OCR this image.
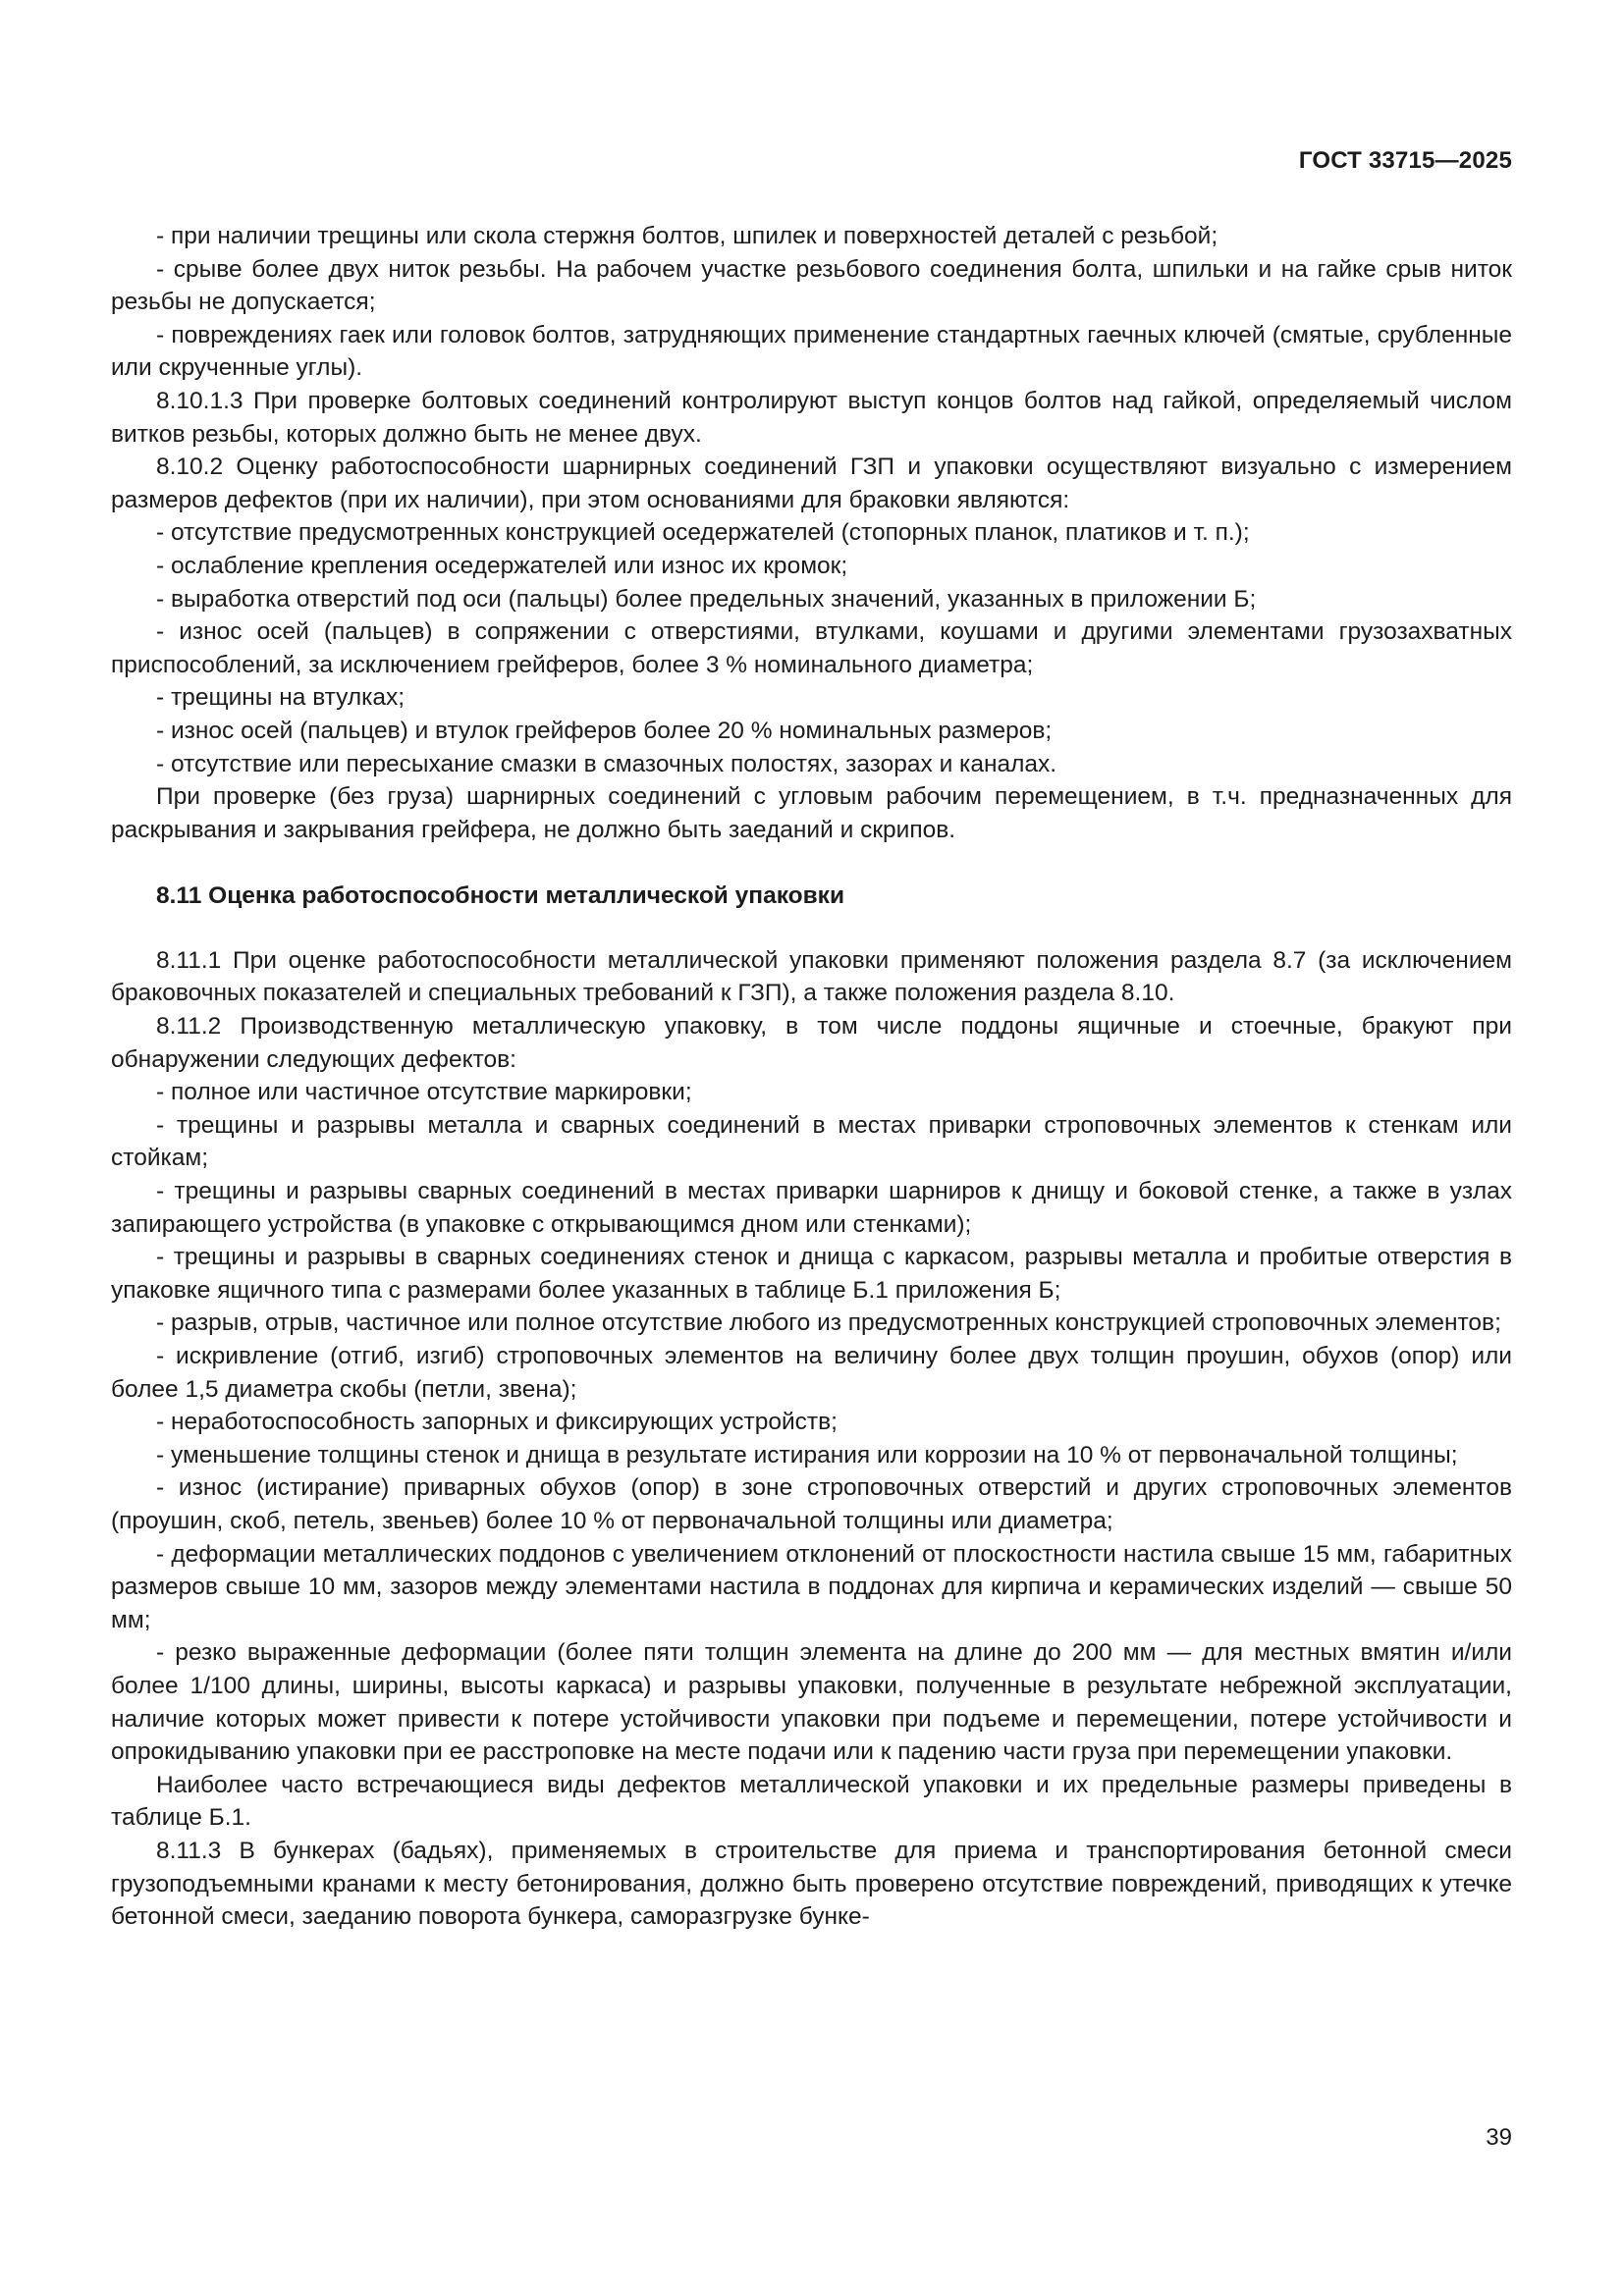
ГОСТ 33715—2025

- при наличии трещины или скола стержня болтов, шпилек и поверхностей деталей с резьбой;

- срыве более двух ниток резьбы. На рабочем участке резьбового соединения болта, шпильки и на гайке срыв ниток резьбы не допускается;

- повреждениях гаек или головок болтов, затрудняющих применение стандартных гаечных ключей (смятые, срубленные или скрученные углы).

8.10.1.3 При проверке болтовых соединений контролируют выступ концов болтов над гайкой, определяемый числом витков резьбы, которых должно быть не менее двух.

8.10.2 Оценку работоспособности шарнирных соединений ГЗП и упаковки осуществляют визуально с измерением размеров дефектов (при их наличии), при этом основаниями для браковки являются:

- отсутствие предусмотренных конструкцией оседержателей (стопорных планок, платиков и т. п.);

- ослабление крепления оседержателей или износ их кромок;

- выработка отверстий под оси (пальцы) более предельных значений, указанных в приложении Б;

- износ осей (пальцев) в сопряжении с отверстиями, втулками, коушами и другими элементами грузозахватных приспособлений, за исключением грейферов, более 3 % номинального диаметра;

- трещины на втулках;

- износ осей (пальцев) и втулок грейферов более 20 % номинальных размеров;

- отсутствие или пересыхание смазки в смазочных полостях, зазорах и каналах.

При проверке (без груза) шарнирных соединений с угловым рабочим перемещением, в т.ч. предназначенных для раскрывания и закрывания грейфера, не должно быть заеданий и скрипов.

8.11 Оценка работоспособности металлической упаковки

8.11.1 При оценке работоспособности металлической упаковки применяют положения раздела 8.7 (за исключением браковочных показателей и специальных требований к ГЗП), а также положения раздела 8.10.

8.11.2 Производственную металлическую упаковку, в том числе поддоны ящичные и стоечные, бракуют при обнаружении следующих дефектов:

- полное или частичное отсутствие маркировки;

- трещины и разрывы металла и сварных соединений в местах приварки строповочных элементов к стенкам или стойкам;

- трещины и разрывы сварных соединений в местах приварки шарниров к днищу и боковой стенке, а также в узлах запирающего устройства (в упаковке с открывающимся дном или стенками);

- трещины и разрывы в сварных соединениях стенок и днища с каркасом, разрывы металла и пробитые отверстия в упаковке ящичного типа с размерами более указанных в таблице Б.1 приложения Б;

- разрыв, отрыв, частичное или полное отсутствие любого из предусмотренных конструкцией строповочных элементов;

- искривление (отгиб, изгиб) строповочных элементов на величину более двух толщин проушин, обухов (опор) или более 1,5 диаметра скобы (петли, звена);

- неработоспособность запорных и фиксирующих устройств;

- уменьшение толщины стенок и днища в результате истирания или коррозии на 10 % от первоначальной толщины;

- износ (истирание) приварных обухов (опор) в зоне строповочных отверстий и других строповочных элементов (проушин, скоб, петель, звеньев) более 10 % от первоначальной толщины или диаметра;

- деформации металлических поддонов с увеличением отклонений от плоскостности настила свыше 15 мм, габаритных размеров свыше 10 мм, зазоров между элементами настила в поддонах для кирпича и керамических изделий — свыше 50 мм;

- резко выраженные деформации (более пяти толщин элемента на длине до 200 мм — для местных вмятин и/или более 1/100 длины, ширины, высоты каркаса) и разрывы упаковки, полученные в результате небрежной эксплуатации, наличие которых может привести к потере устойчивости упаковки при подъеме и перемещении, потере устойчивости и опрокидыванию упаковки при ее расстроповке на месте подачи или к падению части груза при перемещении упаковки.

Наиболее часто встречающиеся виды дефектов металлической упаковки и их предельные размеры приведены в таблице Б.1.

8.11.3 В бункерах (бадьях), применяемых в строительстве для приема и транспортирования бетонной смеси грузоподъемными кранами к месту бетонирования, должно быть проверено отсутствие повреждений, приводящих к утечке бетонной смеси, заеданию поворота бункера, саморазгрузке бунке-

39
